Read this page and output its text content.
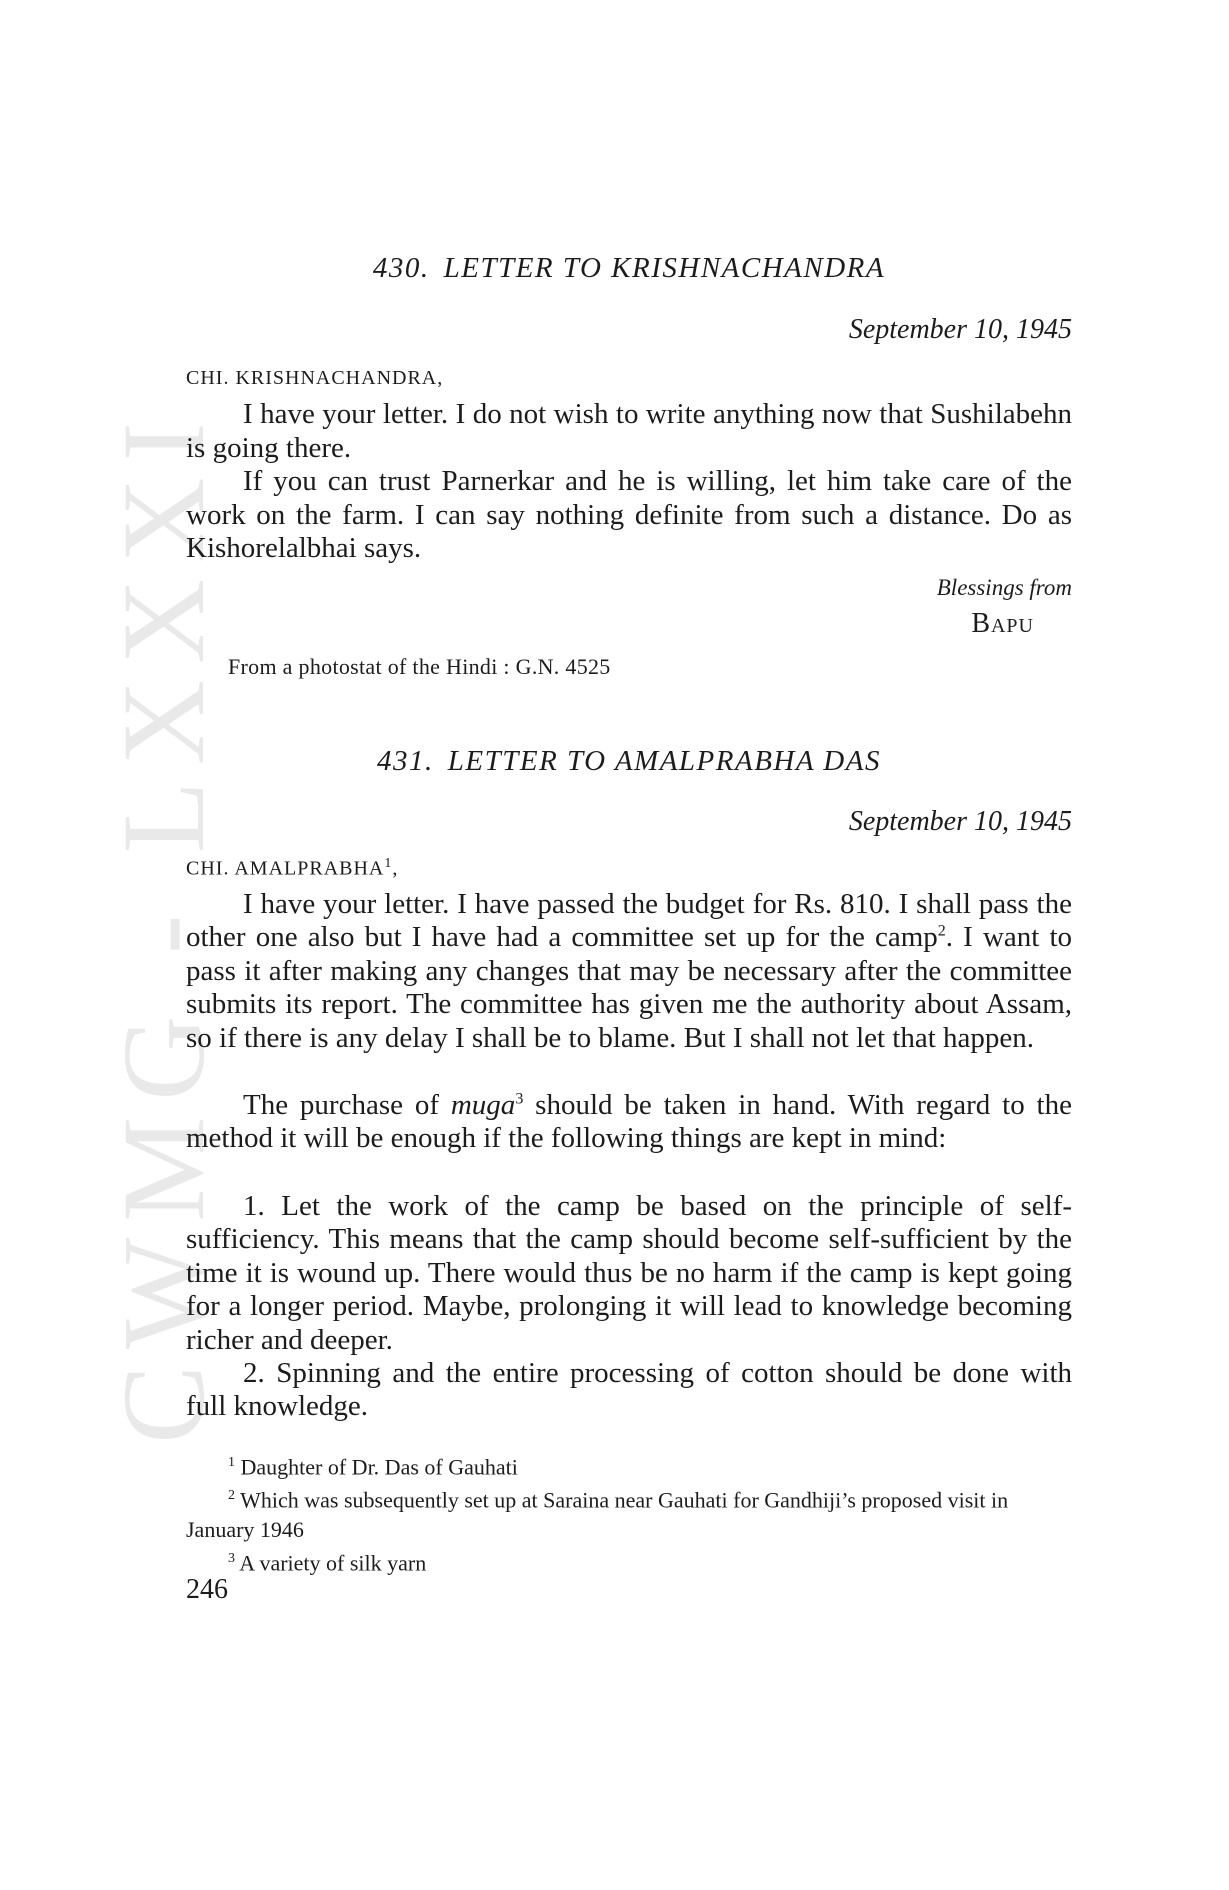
CWMG - LXXXI
430. LETTER TO KRISHNACHANDRA
September 10, 1945
CHI. KRISHNACHANDRA,

I have your letter. I do not wish to write anything now that Sushilabehn is going there.

If you can trust Parnerkar and he is willing, let him take care of the work on the farm. I can say nothing definite from such a distance. Do as Kishorelalbhai says.

Blessings from
Bapu
From a photostat of the Hindi : G.N. 4525
431. LETTER TO AMALPRABHA DAS
September 10, 1945
CHI. AMALPRABHA$^1$,

I have your letter. I have passed the budget for Rs. 810. I shall pass the other one also but I have had a committee set up for the camp$^2$. I want to pass it after making any changes that may be necessary after the committee submits its report. The committee has given me the authority about Assam, so if there is any delay I shall be to blame. But I shall not let that happen.

The purchase of muga$^3$ should be taken in hand. With regard to the method it will be enough if the following things are kept in mind:

1. Let the work of the camp be based on the principle of self-sufficiency. This means that the camp should become self-sufficient by the time it is wound up. There would thus be no harm if the camp is kept going for a longer period. Maybe, prolonging it will lead to knowledge becoming richer and deeper.

2. Spinning and the entire processing of cotton should be done with full knowledge.

$^1$ Daughter of Dr. Das of Gauhati

$^2$ Which was subsequently set up at Saraina near Gauhati for Gandhiji’s proposed visit in January 1946

$^3$ A variety of silk yarn

246
